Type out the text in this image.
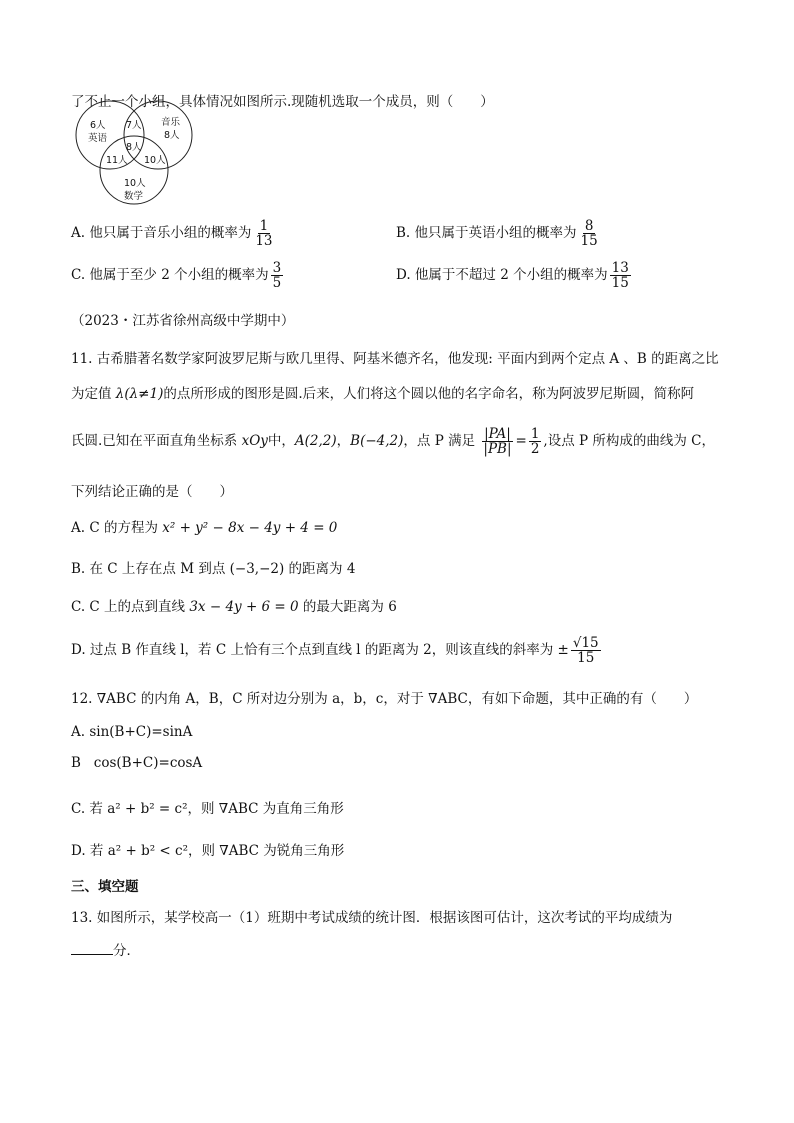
了不止一个小组，具体情况如图所示.现随机选取一个成员，则（　　）
6人
英语
音乐
8人
7人
8人
11人 10人
10人
数学
A. 他只属于音乐小组的概率为 $\frac{1}{13}$	B. 他只属于英语小组的概率为 $\frac{8}{15}$
C. 他属于至少 2 个小组的概率为 $\frac{3}{5}$	D. 他属于不超过 2 个小组的概率为 $\frac{13}{15}$
（2023・江苏省徐州高级中学期中）
11. 古希腊著名数学家阿波罗尼斯与欧几里得、阿基米德齐名，他发现: 平面内到两个定点 A 、B 的距离之比
为定值 λ(λ≠1)的点所形成的图形是圆.后来，人们将这个圆以他的名字命名，称为阿波罗尼斯圆，简称阿
氏圆.已知在平面直角坐标系 xOy中，A(2,2)，B(−4,2)，点 P 满足 $\frac{|PA|}{|PB|} = \frac{1}{2}$ ,设点 P 所构成的曲线为 C，
下列结论正确的是（　　）
A. C 的方程为 x² + y² − 8x − 4y + 4 = 0
B. 在 C 上存在点 M 到点 (−3,−2) 的距离为 4
C. C 上的点到直线 3x − 4y + 6 = 0 的最大距离为 6
D. 过点 B 作直线 l，若 C 上恰有三个点到直线 l 的距离为 2，则该直线的斜率为 ± $\frac{√15}{15}$
12. ∇ABC 的内角 A，B，C 所对边分别为 a，b，c，对于 ∇ABC，有如下命题，其中正确的有（　　）
A. sin(B+C)=sinA
B cos(B+C)=cosA
C. 若 a² + b² = c²，则 ∇ABC 为直角三角形
D. 若 a² + b² < c²，则 ∇ABC 为锐角三角形
三、填空题
13. 如图所示，某学校高一（1）班期中考试成绩的统计图．根据该图可估计，这次考试的平均成绩为
分．
